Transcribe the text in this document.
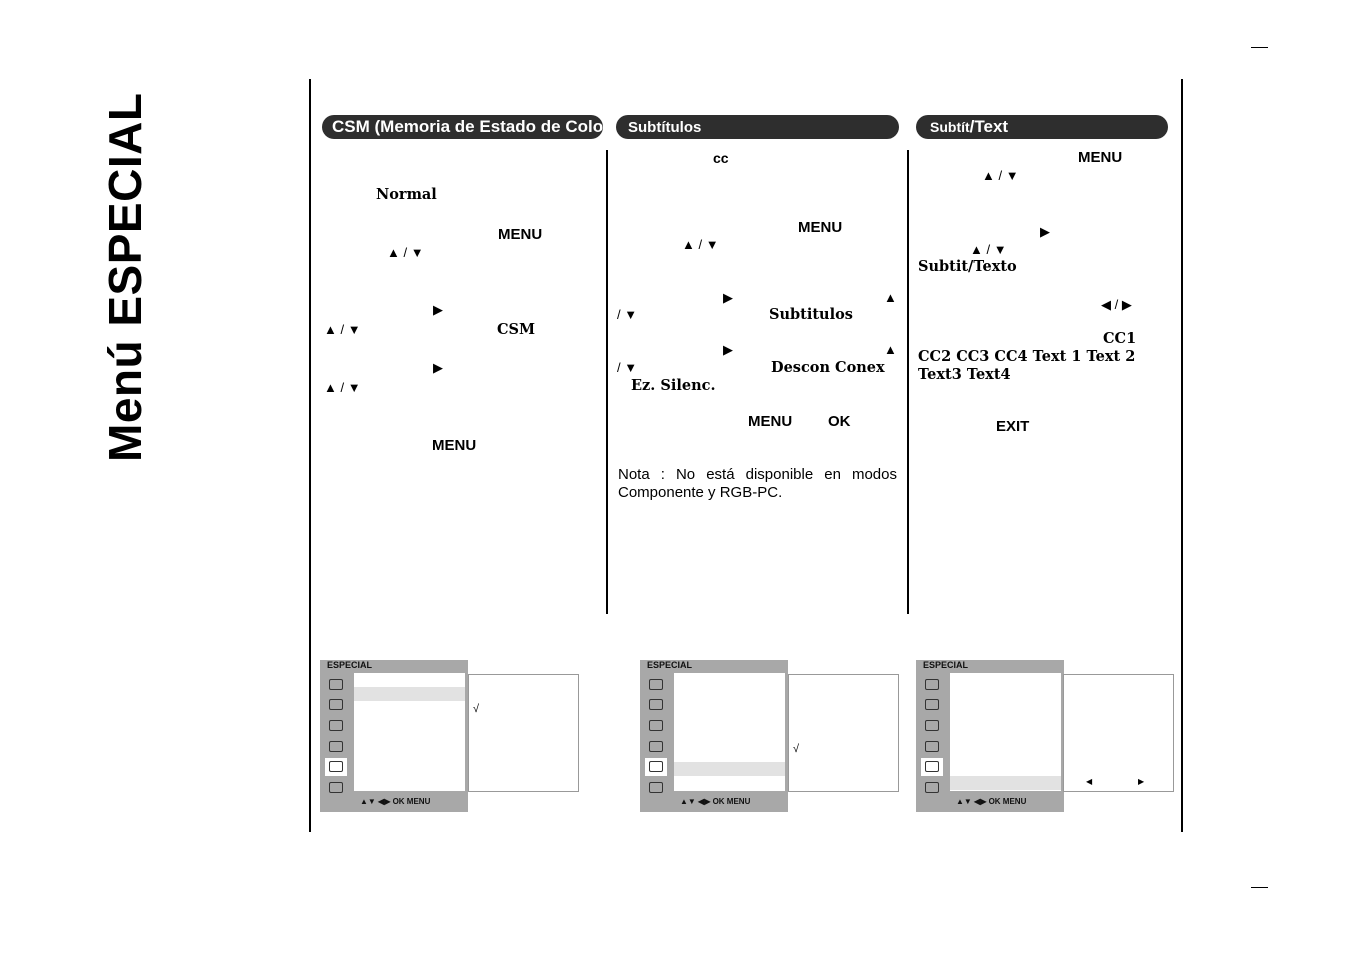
Menú ESPECIAL	CSM (Memoria de Estado de Color) Subtítulos	Subtít /Text
Normal
MENU
▲ / ▼
▶
▲ / ▼	CSM
▶
▲ / ▼
MENU
cc
MENU
▲ / ▼
▶	▲
/ ▼	Subtitulos
▶	▲
/ ▼	Descon Conex
Ez. Silenc.
MENU OK
Nota : No está disponible en modos Componente y RGB-PC.
MENU
▲ / ▼
▶
▲ / ▼
Subtit/Texto
◀ / ▶
CC1
CC2 CC3 CC4 Text 1 Text 2
Text3 Text4
EXIT
ESPECIAL
▲▼ ◀▶ OK MENU
√
ESPECIAL
▲▼ ◀▶ OK MENU
√
ESPECIAL
▲▼ ◀▶ OK MENU
◀	▶
